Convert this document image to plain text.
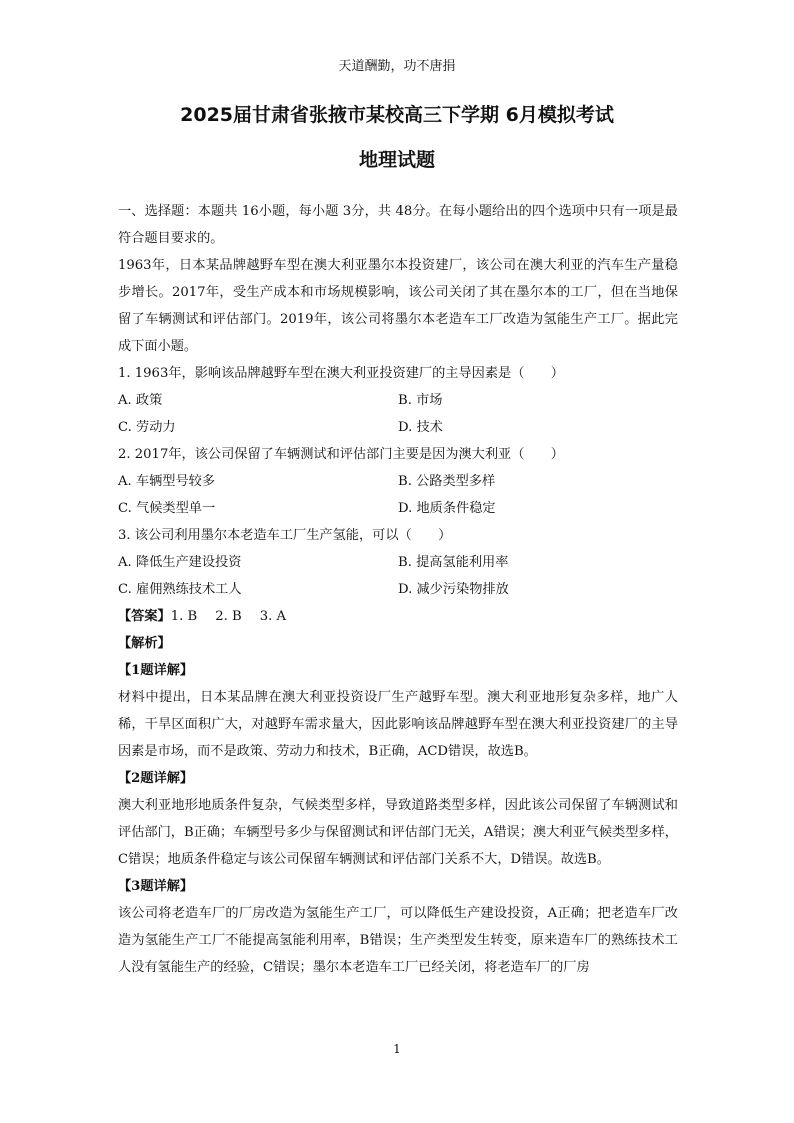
天道酬勤，功不唐捐
2025届甘肃省张掖市某校高三下学期 6月模拟考试
地理试题

一、选择题：本题共 16小题，每小题 3分，共 48分。在每小题给出的四个选项中只有一项是最符合题目要求的。

1963年，日本某品牌越野车型在澳大利亚墨尔本投资建厂，该公司在澳大利亚的汽车生产量稳步增长。2017年，受生产成本和市场规模影响，该公司关闭了其在墨尔本的工厂，但在当地保留了车辆测试和评估部门。2019年，该公司将墨尔本老造车工厂改造为氢能生产工厂。据此完成下面小题。

1. 1963年，影响该品牌越野车型在澳大利亚投资建厂的主导因素是（　　）

A. 政策	B. 市场
C. 劳动力	D. 技术

2. 2017年，该公司保留了车辆测试和评估部门主要是因为澳大利亚（　　）

A. 车辆型号较多	B. 公路类型多样
C. 气候类型单一	D. 地质条件稳定

3. 该公司利用墨尔本老造车工厂生产氢能，可以（　　）

A. 降低生产建设投资	B. 提高氢能利用率
C. 雇佣熟练技术工人	D. 减少污染物排放

【答案】1. B 2. B 3. A

【解析】

【1题详解】

材料中提出，日本某品牌在澳大利亚投资设厂生产越野车型。澳大利亚地形复杂多样，地广人稀，干旱区面积广大，对越野车需求量大，因此影响该品牌越野车型在澳大利亚投资建厂的主导因素是市场，而不是政策、劳动力和技术，B正确，ACD错误，故选B。

【2题详解】

澳大利亚地形地质条件复杂，气候类型多样，导致道路类型多样，因此该公司保留了车辆测试和评估部门，B正确；车辆型号多少与保留测试和评估部门无关，A错误；澳大利亚气候类型多样，C错误；地质条件稳定与该公司保留车辆测试和评估部门关系不大，D错误。故选B。

【3题详解】

该公司将老造车厂的厂房改造为氢能生产工厂，可以降低生产建设投资，A正确；把老造车厂改造为氢能生产工厂不能提高氢能利用率，B错误；生产类型发生转变，原来造车厂的熟练技术工人没有氢能生产的经验，C错误；墨尔本老造车工厂已经关闭，将老造车厂的厂房

1
